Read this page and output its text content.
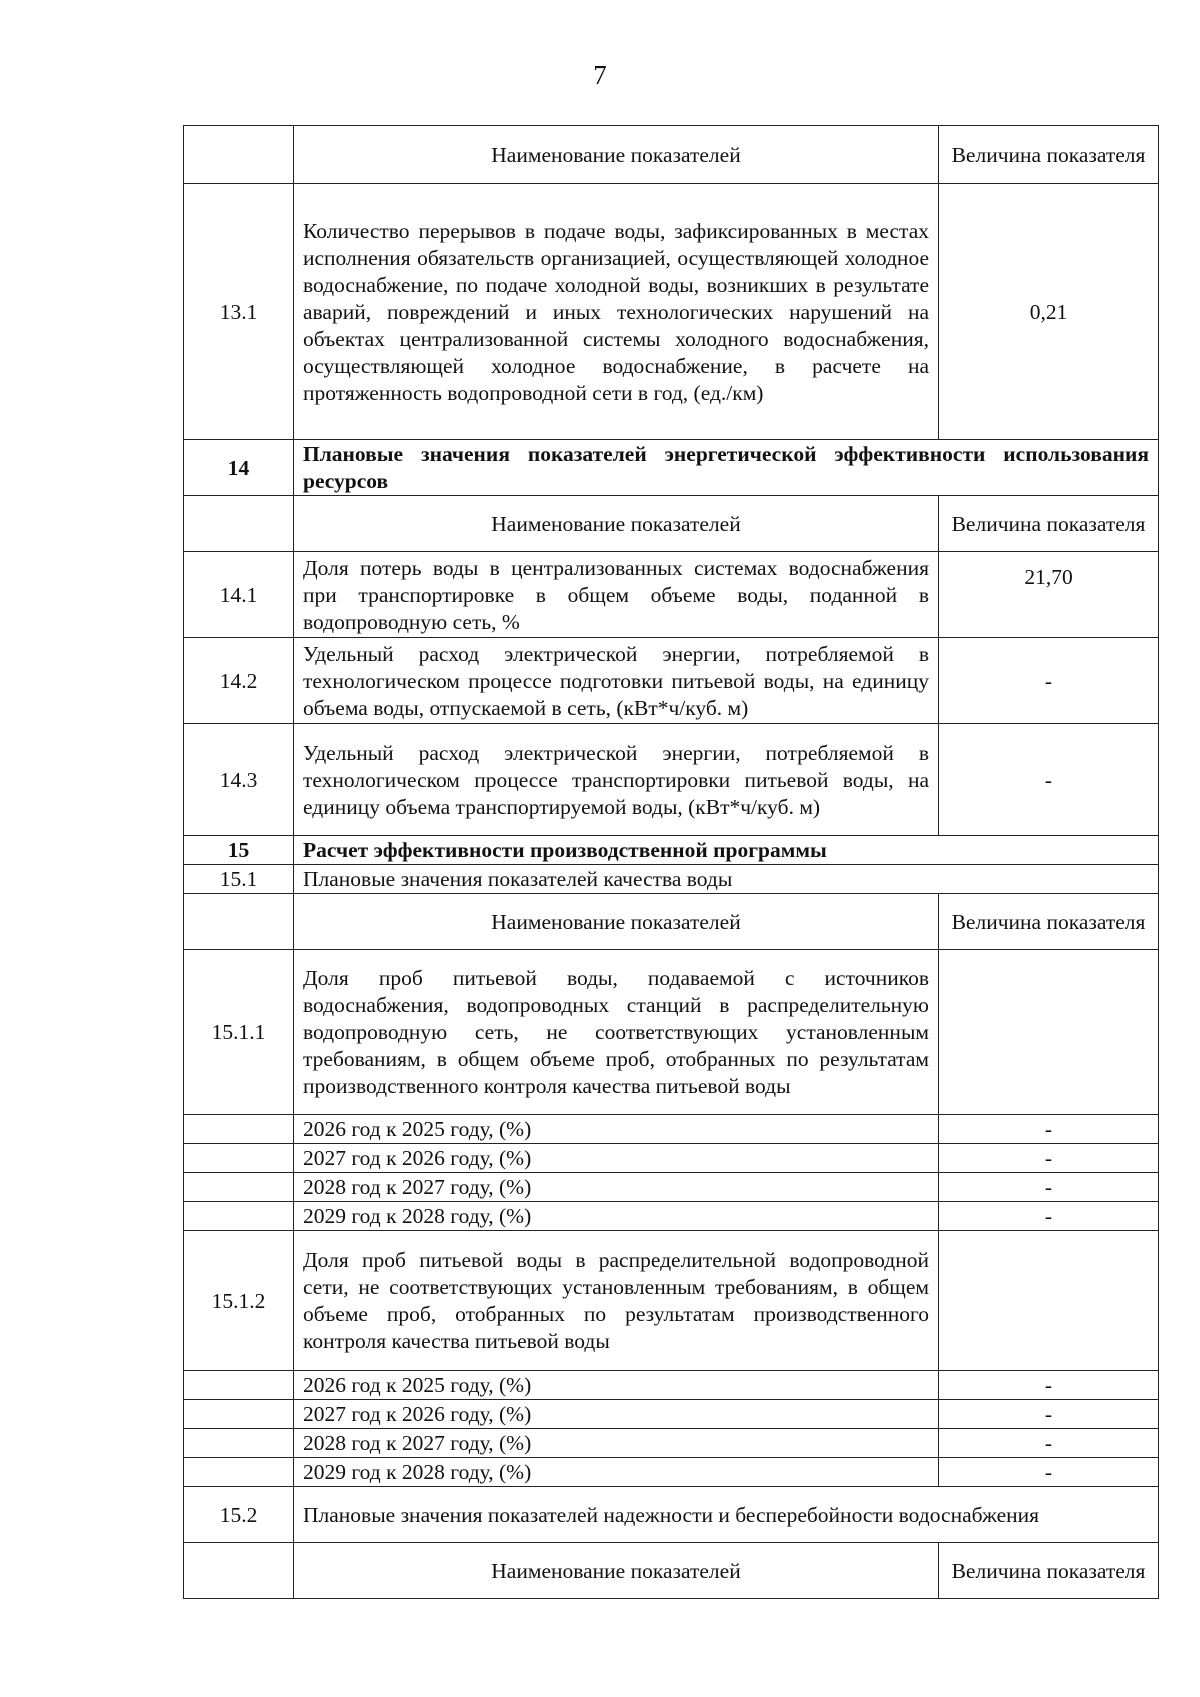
7
	Наименование показателей	Величина показателя
13.1	Количество перерывов в подаче воды, зафиксированных в местах исполнения обязательств организацией, осуществляющей холодное водоснабжение, по подаче холодной воды, возникших в результате аварий, повреждений и иных технологических нарушений на объектах централизованной системы холодного водоснабжения, осуществляющей холодное водоснабжение, в расчете на протяженность водопроводной сети в год, (ед./км)	0,21
14	Плановые значения показателей энергетической эффективности использования ресурсов	
	Наименование показателей	Величина показателя
14.1	Доля потерь воды в централизованных системах водоснабжения при транспортировке в общем объеме воды, поданной в водопроводную сеть, %	21,70
14.2	Удельный расход электрической энергии, потребляемой в технологическом процессе подготовки питьевой воды, на единицу объема воды, отпускаемой в сеть, (кВт*ч/куб. м)	-
14.3	Удельный расход электрической энергии, потребляемой в технологическом процессе транспортировки питьевой воды, на единицу объема транспортируемой воды, (кВт*ч/куб. м)	-
15	Расчет эффективности производственной программы	
15.1	Плановые значения показателей качества воды	
	Наименование показателей	Величина показателя
15.1.1	Доля проб питьевой воды, подаваемой с источников водоснабжения, водопроводных станций в распределительную водопроводную сеть, не соответствующих установленным требованиям, в общем объеме проб, отобранных по результатам производственного контроля качества питьевой воды	
	2026 год к 2025 году, (%)	-
	2027 год к 2026 году, (%)	-
	2028 год к 2027 году, (%)	-
	2029 год к 2028 году, (%)	-
15.1.2	Доля проб питьевой воды в распределительной водопроводной сети, не соответствующих установленным требованиям, в общем объеме проб, отобранных по результатам производственного контроля качества питьевой воды	
	2026 год к 2025 году, (%)	-
	2027 год к 2026 году, (%)	-
	2028 год к 2027 году, (%)	-
	2029 год к 2028 году, (%)	-
15.2	Плановые значения показателей надежности и бесперебойности водоснабжения	
	Наименование показателей	Величина показателя
